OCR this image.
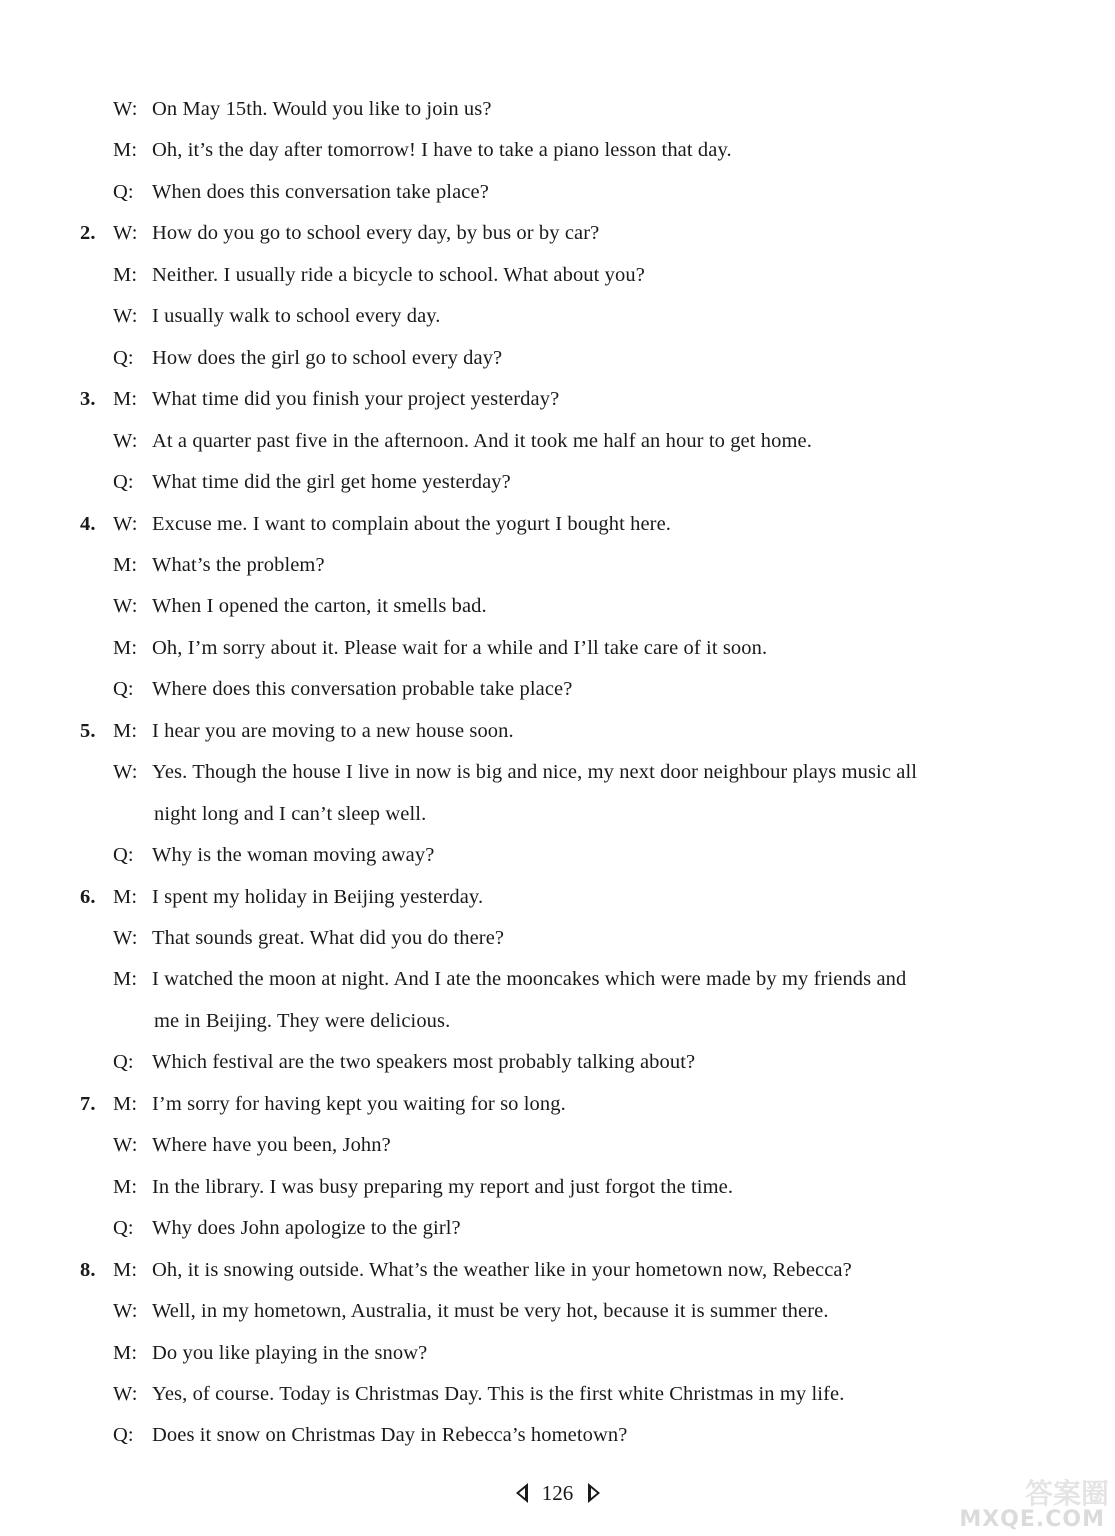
W: On May 15th. Would you like to join us?
M: Oh, it’s the day after tomorrow! I have to take a piano lesson that day.
Q: When does this conversation take place?
2. W: How do you go to school every day, by bus or by car?
M: Neither. I usually ride a bicycle to school. What about you?
W: I usually walk to school every day.
Q: How does the girl go to school every day?
3. M: What time did you finish your project yesterday?
W: At a quarter past five in the afternoon. And it took me half an hour to get home.
Q: What time did the girl get home yesterday?
4. W: Excuse me. I want to complain about the yogurt I bought here.
M: What’s the problem?
W: When I opened the carton, it smells bad.
M: Oh, I’m sorry about it. Please wait for a while and I’ll take care of it soon.
Q: Where does this conversation probable take place?
5. M: I hear you are moving to a new house soon.
W: Yes. Though the house I live in now is big and nice, my next door neighbour plays music all
night long and I can’t sleep well.
Q: Why is the woman moving away?
6. M: I spent my holiday in Beijing yesterday.
W: That sounds great. What did you do there?
M: I watched the moon at night. And I ate the mooncakes which were made by my friends and
me in Beijing. They were delicious.
Q: Which festival are the two speakers most probably talking about?
7. M: I’m sorry for having kept you waiting for so long.
W: Where have you been, John?
M: In the library. I was busy preparing my report and just forgot the time.
Q: Why does John apologize to the girl?
8. M: Oh, it is snowing outside. What’s the weather like in your hometown now, Rebecca?
W: Well, in my hometown, Australia, it must be very hot, because it is summer there.
M: Do you like playing in the snow?
W: Yes, of course. Today is Christmas Day. This is the first white Christmas in my life.
Q: Does it snow on Christmas Day in Rebecca’s hometown?
126	答案圈
MXQE.COM
